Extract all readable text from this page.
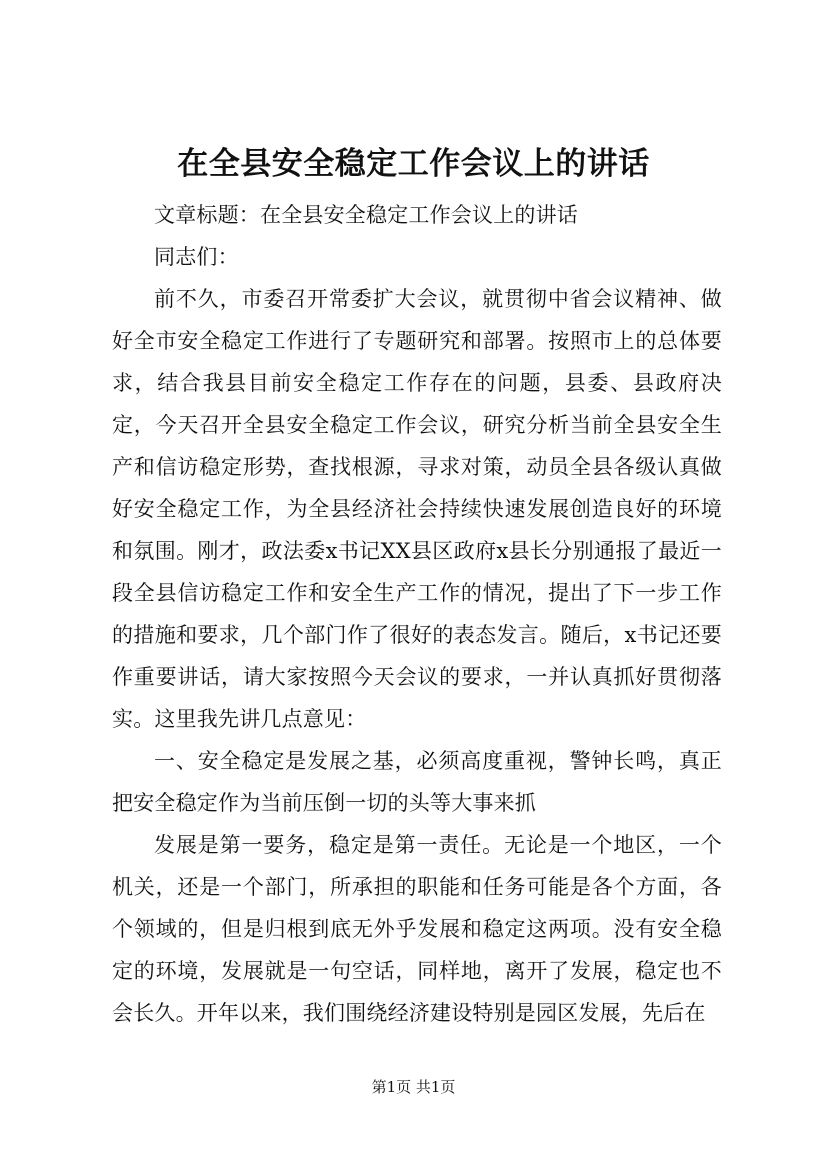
在全县安全稳定工作会议上的讲话

文章标题：在全县安全稳定工作会议上的讲话

同志们：

前不久，市委召开常委扩大会议，就贯彻中省会议精神、做好全市安全稳定工作进行了专题研究和部署。按照市上的总体要求，结合我县目前安全稳定工作存在的问题，县委、县政府决定，今天召开全县安全稳定工作会议，研究分析当前全县安全生产和信访稳定形势，查找根源，寻求对策，动员全县各级认真做好安全稳定工作，为全县经济社会持续快速发展创造良好的环境和氛围。刚才，政法委x书记XX县区政府x县长分别通报了最近一段全县信访稳定工作和安全生产工作的情况，提出了下一步工作的措施和要求，几个部门作了很好的表态发言。随后，x书记还要作重要讲话，请大家按照今天会议的要求，一并认真抓好贯彻落实。这里我先讲几点意见：

一、安全稳定是发展之基，必须高度重视，警钟长鸣，真正把安全稳定作为当前压倒一切的头等大事来抓

发展是第一要务，稳定是第一责任。无论是一个地区，一个机关，还是一个部门，所承担的职能和任务可能是各个方面，各个领域的，但是归根到底无外乎发展和稳定这两项。没有安全稳定的环境，发展就是一句空话，同样地，离开了发展，稳定也不会长久。开年以来，我们围绕经济建设特别是园区发展，先后在

第1页 共1页
